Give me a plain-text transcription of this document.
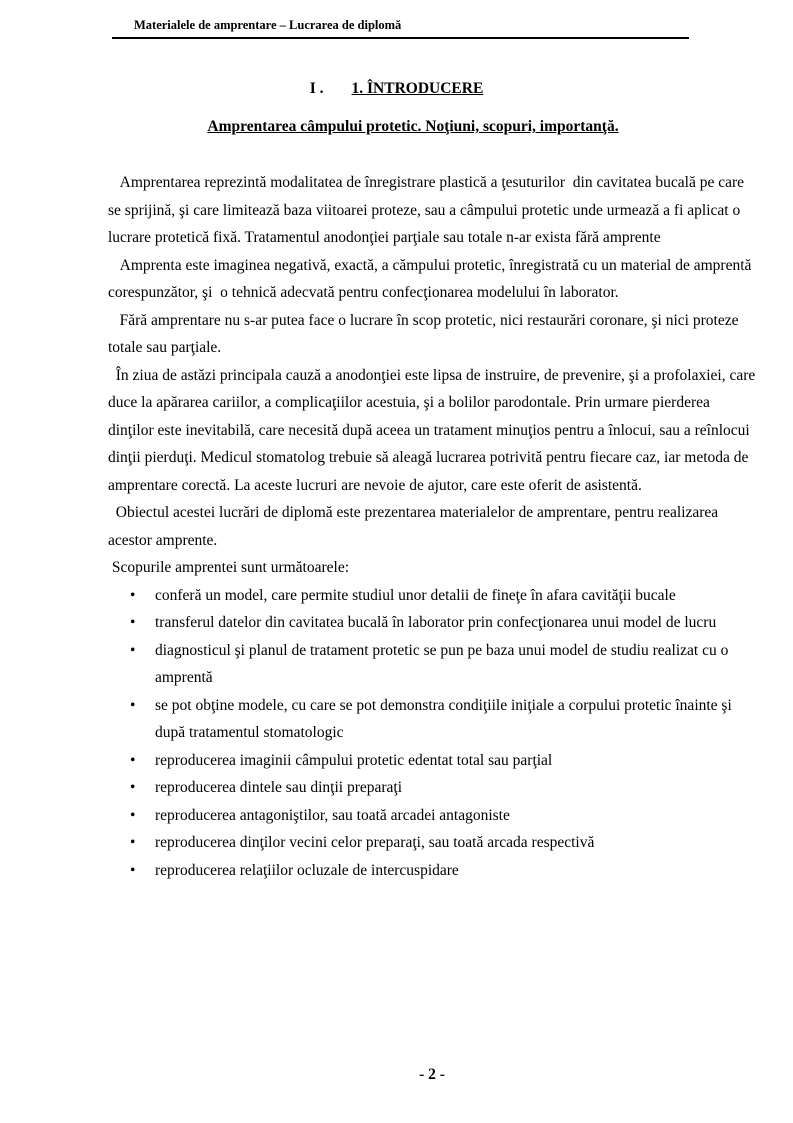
Materialele de amprentare – Lucrarea de diplomă
I . 1. ÎNTRODUCERE
Amprentarea câmpului protetic. Noţiuni, scopuri, importanţă.

Amprentarea reprezintă modalitatea de înregistrare plastică a ţesuturilor  din cavitatea bucală pe care se sprijină, şi care limitează baza viitoarei proteze, sau a câmpului protetic unde urmează a fi aplicat o lucrare protetică fixă. Tratamentul anodonţiei parţiale sau totale n-ar exista fără amprente

Amprenta este imaginea negativă, exactă, a cămpului protetic, înregistrată cu un material de amprentă corespunzător, şi  o tehnică adecvată pentru confecţionarea modelului în laborator.

Fără amprentare nu s-ar putea face o lucrare în scop protetic, nici restaurări coronare, şi nici proteze totale sau parţiale.

În ziua de astăzi principala cauză a anodonţiei este lipsa de instruire, de prevenire, şi a profolaxiei, care duce la apărarea cariilor, a complicaţiilor acestuia, şi a bolilor parodontale. Prin urmare pierderea dinţilor este inevitabilă, care necesită după aceea un tratament minuţios pentru a înlocui, sau a reînlocui dinţii pierduţi. Medicul stomatolog trebuie să aleagă lucrarea potrivită pentru fiecare caz, iar metoda de amprentare corectă. La aceste lucruri are nevoie de ajutor, care este oferit de asistentă.

Obiectul acestei lucrări de diplomă este prezentarea materialelor de amprentare, pentru realizarea acestor amprente.

Scopurile amprentei sunt următoarele:

• conferă un model, care permite studiul unor detalii de fineţe în afara cavităţii bucale
• transferul datelor din cavitatea bucală în laborator prin confecţionarea unui model de lucru
• diagnosticul şi planul de tratament protetic se pun pe baza unui model de studiu realizat cu o amprentă
• se pot obţine modele, cu care se pot demonstra condiţiile iniţiale a corpului protetic înainte şi după tratamentul stomatologic
• reproducerea imaginii câmpului protetic edentat total sau parţial
• reproducerea dintele sau dinţii preparaţi
• reproducerea antagoniştilor, sau toată arcadei antagoniste
• reproducerea dinţilor vecini celor preparaţi, sau toată arcada respectivă
• reproducerea relaţiilor ocluzale de intercuspidare
- 2 -
